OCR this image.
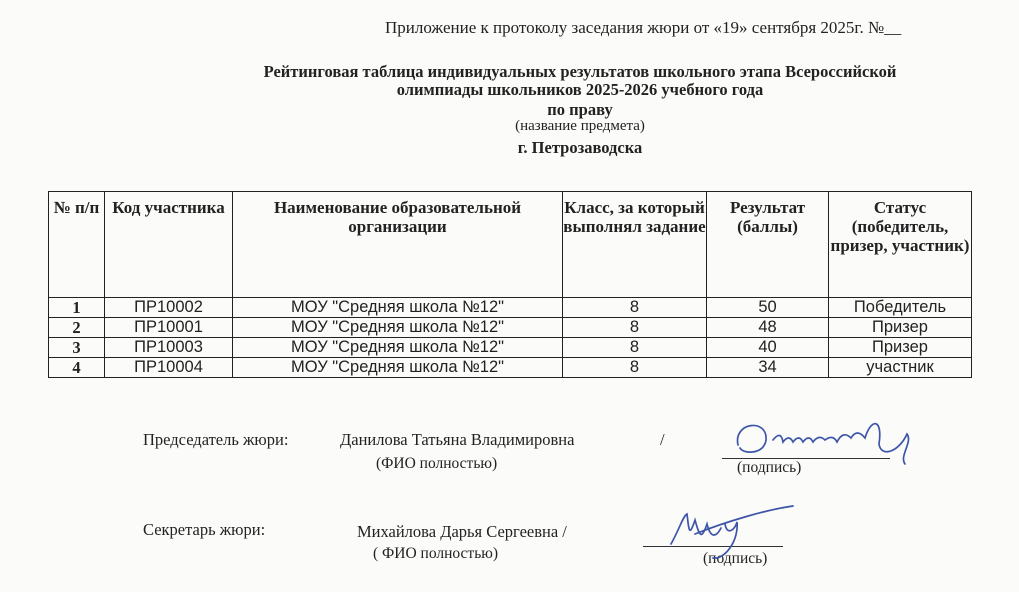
Приложение к протоколу заседания жюри от «19» сентября 2025г. №__
Рейтинговая таблица индивидуальных результатов школьного этапа Всероссийской
олимпиады школьников 2025-2026 учебного года
по праву
(название предмета)
г. Петрозаводска
№ п/п	Код участника	Наименование образовательной организации	Класс, за который выполнял задание	Результат (баллы)	Статус (победитель, призер, участник)
1	ПР10002	МОУ "Средняя школа №12"	8	50	Победитель
2	ПР10001	МОУ "Средняя школа №12"	8	48	Призер
3	ПР10003	МОУ "Средняя школа №12"	8	40	Призер
4	ПР10004	МОУ "Средняя школа №12"	8	34	участник
Председатель жюри:	Данилова Татьяна Владимировна	/
(ФИО полностью)	(подпись)
Секретарь жюри:	Михайлова Дарья Сергеевна /
( ФИО полностью)	(подпись)
